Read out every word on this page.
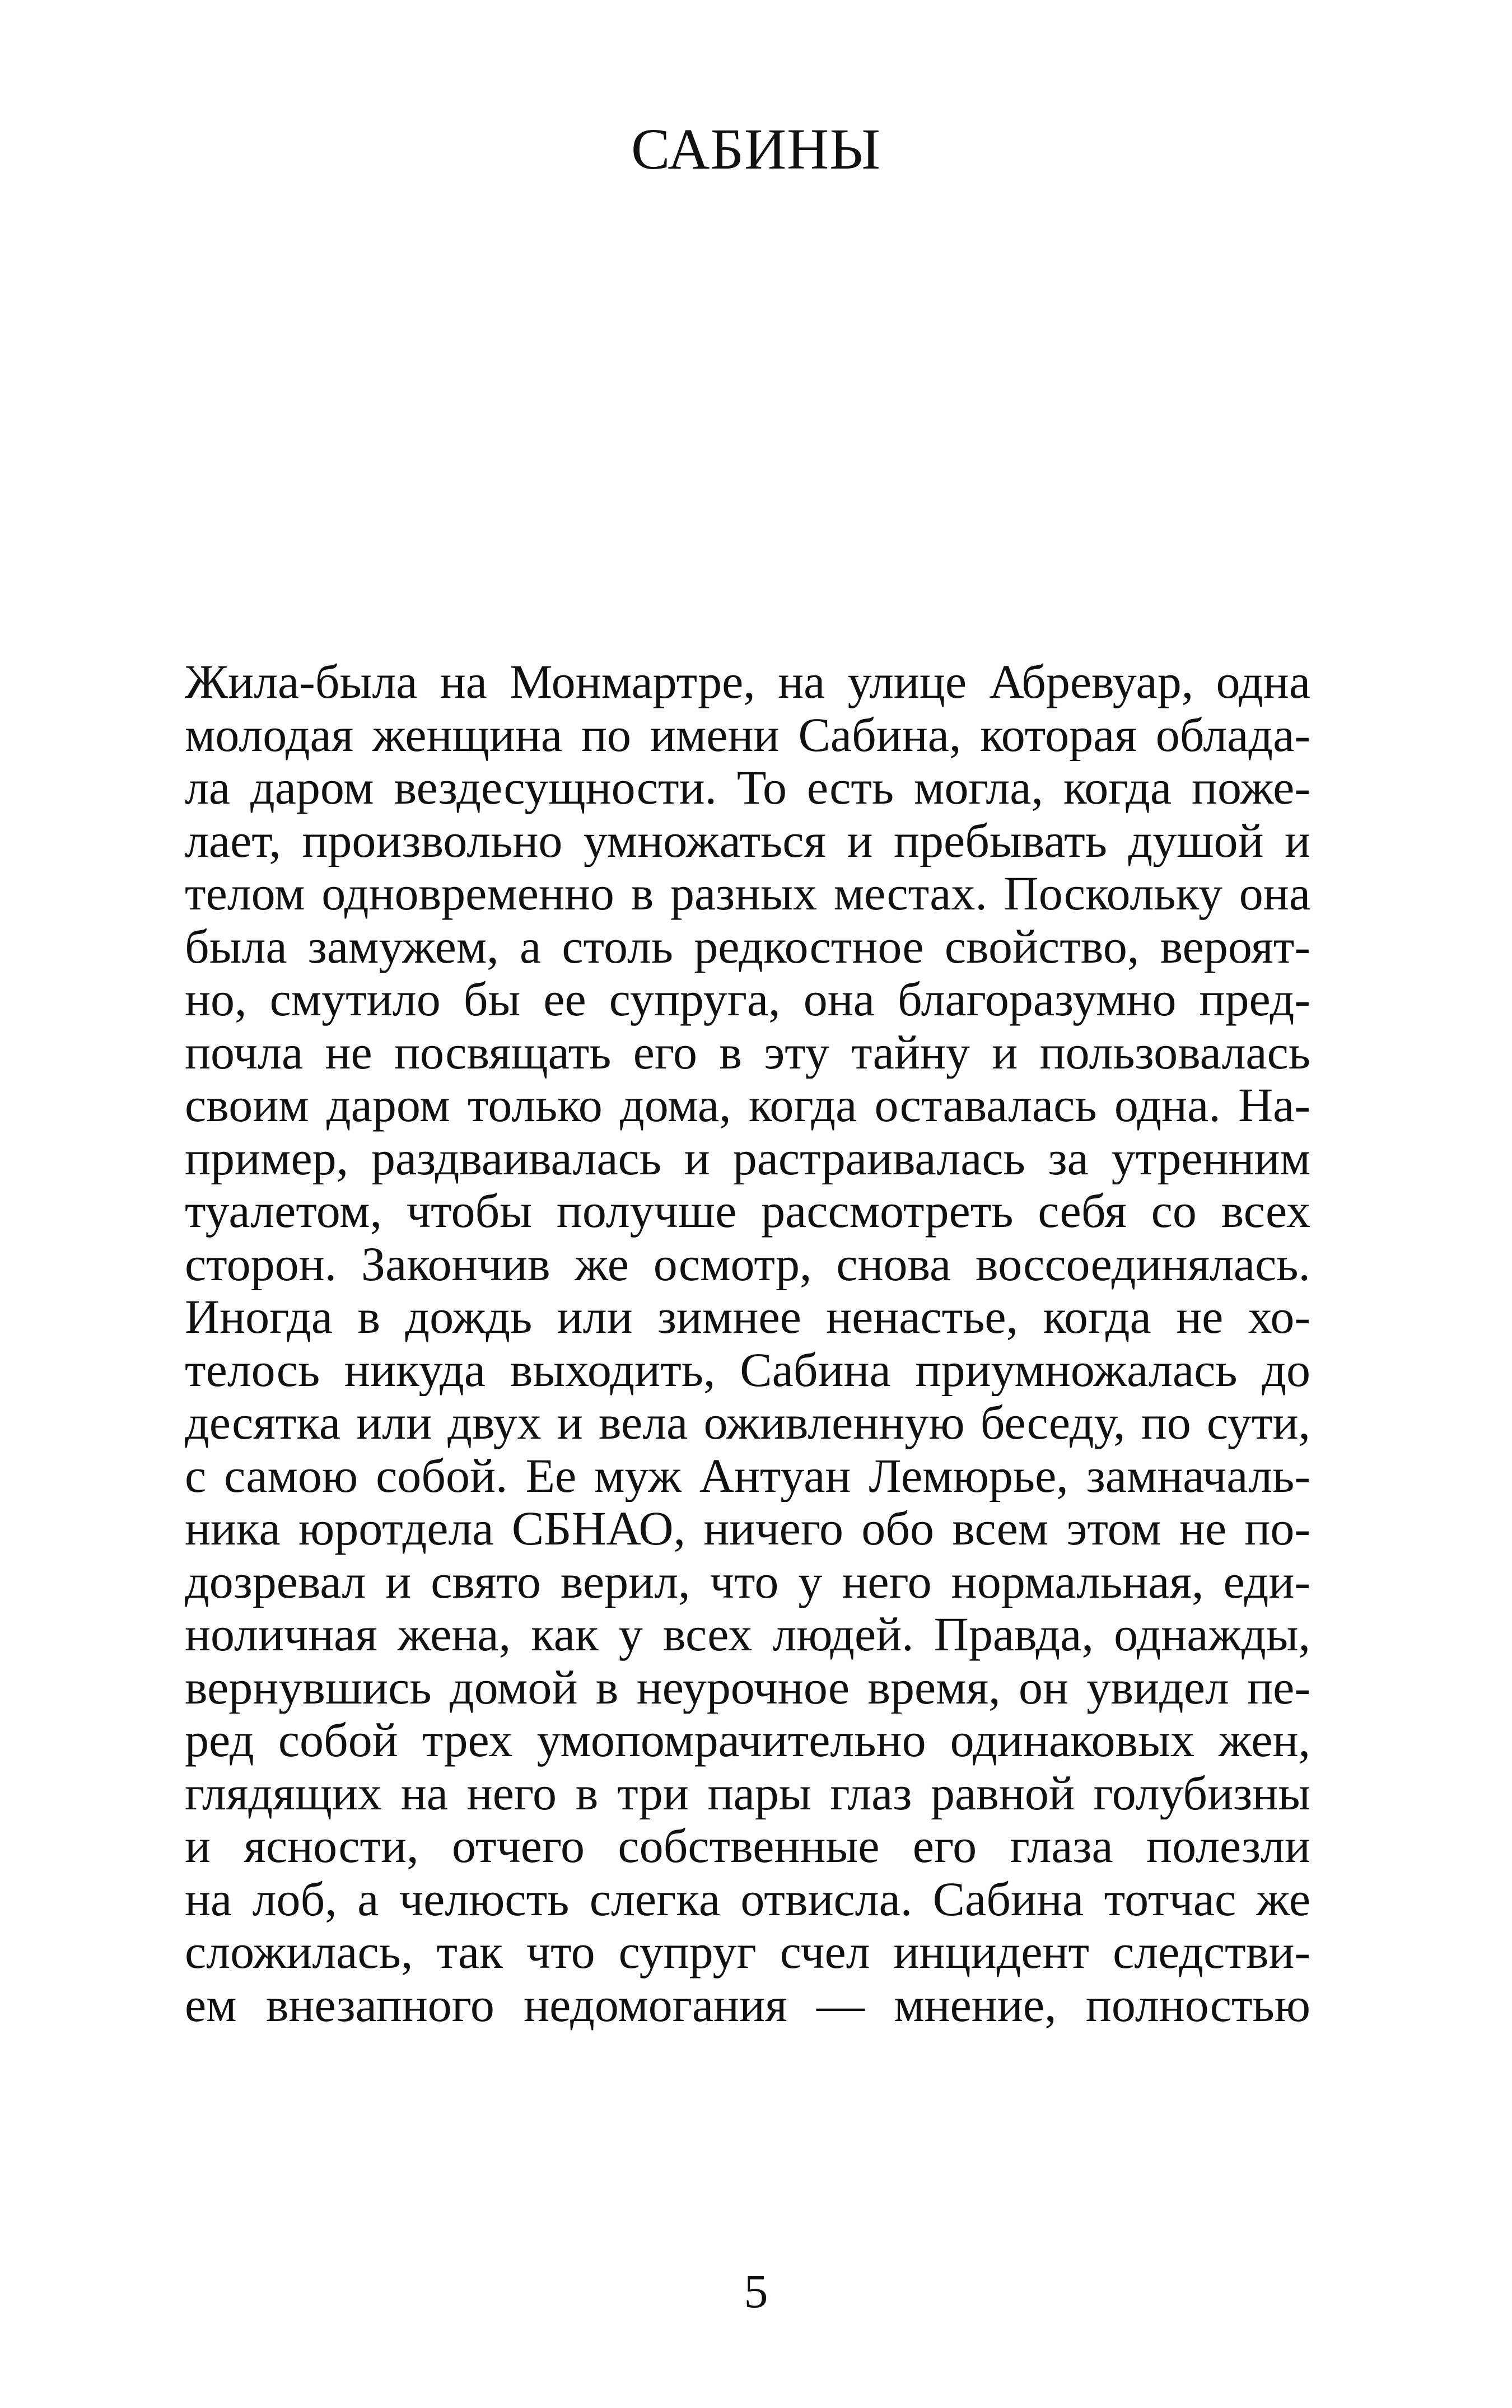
САБИНЫ
Жила-была на Монмартре, на улице Абревуар, одна
молодая женщина по имени Сабина, которая облада-
ла даром вездесущности. То есть могла, когда поже-
лает, произвольно умножаться и пребывать душой и
телом одновременно в разных местах. Поскольку она
была замужем, а столь редкостное свойство, вероят-
но, смутило бы ее супруга, она благоразумно пред-
почла не посвящать его в эту тайну и пользовалась
своим даром только дома, когда оставалась одна. На-
пример, раздваивалась и растраивалась за утренним
туалетом, чтобы получше рассмотреть себя со всех
сторон. Закончив же осмотр, снова воссоединялась.
Иногда в дождь или зимнее ненастье, когда не хо-
телось никуда выходить, Сабина приумножалась до
десятка или двух и вела оживленную беседу, по сути,
с самою собой. Ее муж Антуан Лемюрье, замначаль-
ника юротдела СБНАО, ничего обо всем этом не по-
дозревал и свято верил, что у него нормальная, еди-
ноличная жена, как у всех людей. Правда, однажды,
вернувшись домой в неурочное время, он увидел пе-
ред собой трех умопомрачительно одинаковых жен,
глядящих на него в три пары глаз равной голубизны
и ясности, отчего собственные его глаза полезли
на лоб, а челюсть слегка отвисла. Сабина тотчас же
сложилась, так что супруг счел инцидент следстви-
ем внезапного недомогания — мнение, полностью
5
